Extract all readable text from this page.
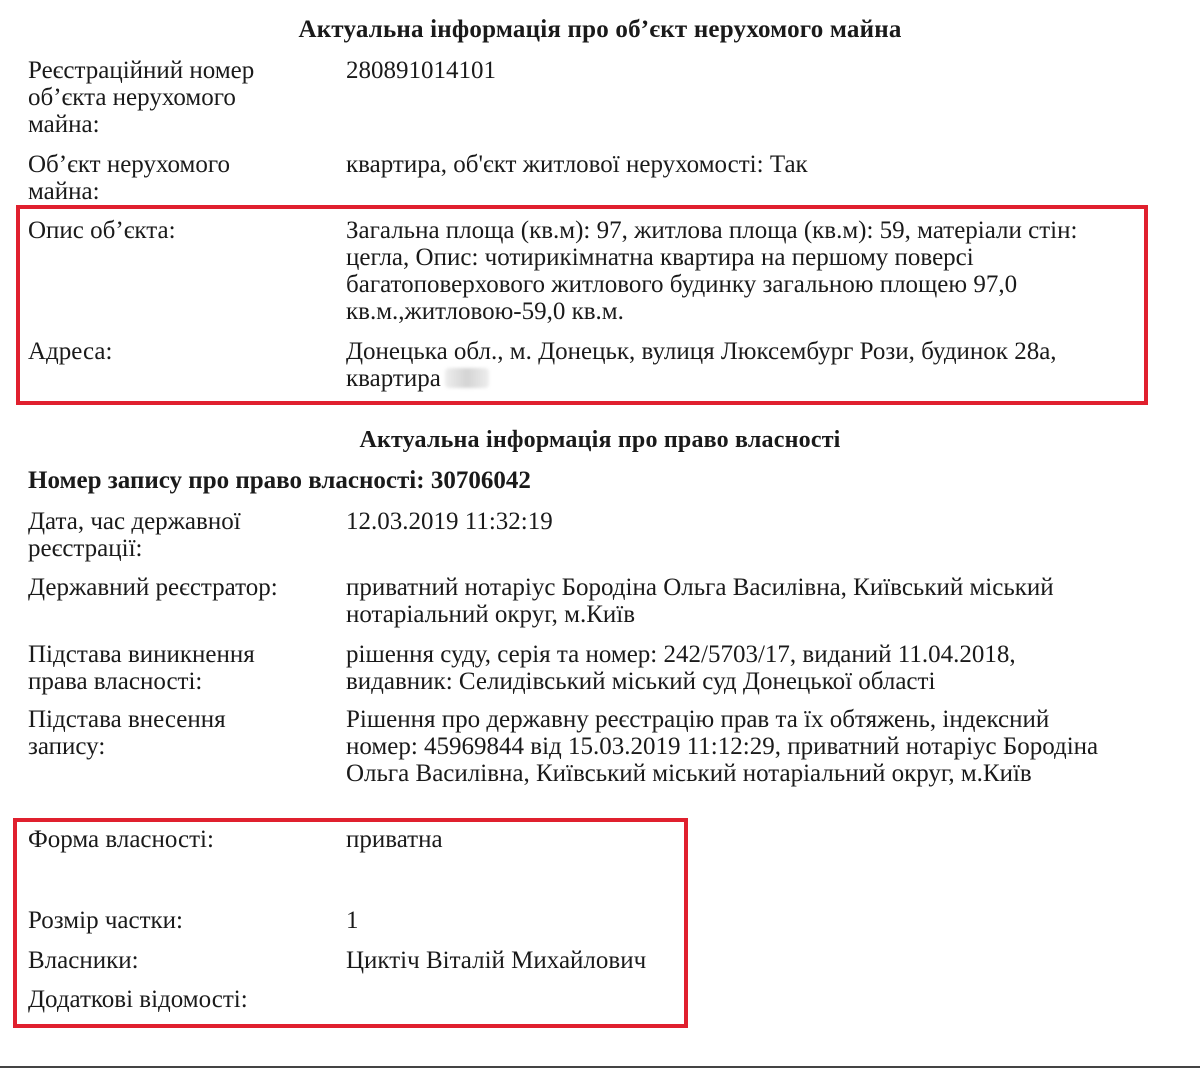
Актуальна інформація про об’єкт нерухомого майна
Реєстраційний номер об’єкта нерухомого майна:
280891014101
Об’єкт нерухомого майна:
квартира, об'єкт житлової нерухомості: Так
Опис об’єкта:	Загальна площа (кв.м): 97, житлова площа (кв.м): 59, матеріали стін: цегла, Опис: чотирикімнатна квартира на першому поверсі багатоповерхового житлового будинку загальною площею 97,0 кв.м.,житловою-59,0 кв.м.
Адреса:	Донецька обл., м. Донецьк, вулиця Люксембург Рози, будинок 28а, квартира
Актуальна інформація про право власності
Номер запису про право власності: 30706042
Дата, час державної реєстрації:
12.03.2019 11:32:19
Державний реєстратор:	приватний нотаріус Бородіна Ольга Василівна, Київський міський нотаріальний округ, м.Київ
Підстава виникнення права власності:
рішення суду, серія та номер: 242/5703/17, виданий 11.04.2018, видавник: Селидівський міський суд Донецької області
Підстава внесення запису:
Рішення про державну реєстрацію прав та їх обтяжень, індексний номер: 45969844 від 15.03.2019 11:12:29, приватний нотаріус Бородіна Ольга Василівна, Київський міський нотаріальний округ, м.Київ
Форма власності:	приватна
Розмір частки:	1
Власники:	Циктіч Віталій Михайлович
Додаткові відомості:
